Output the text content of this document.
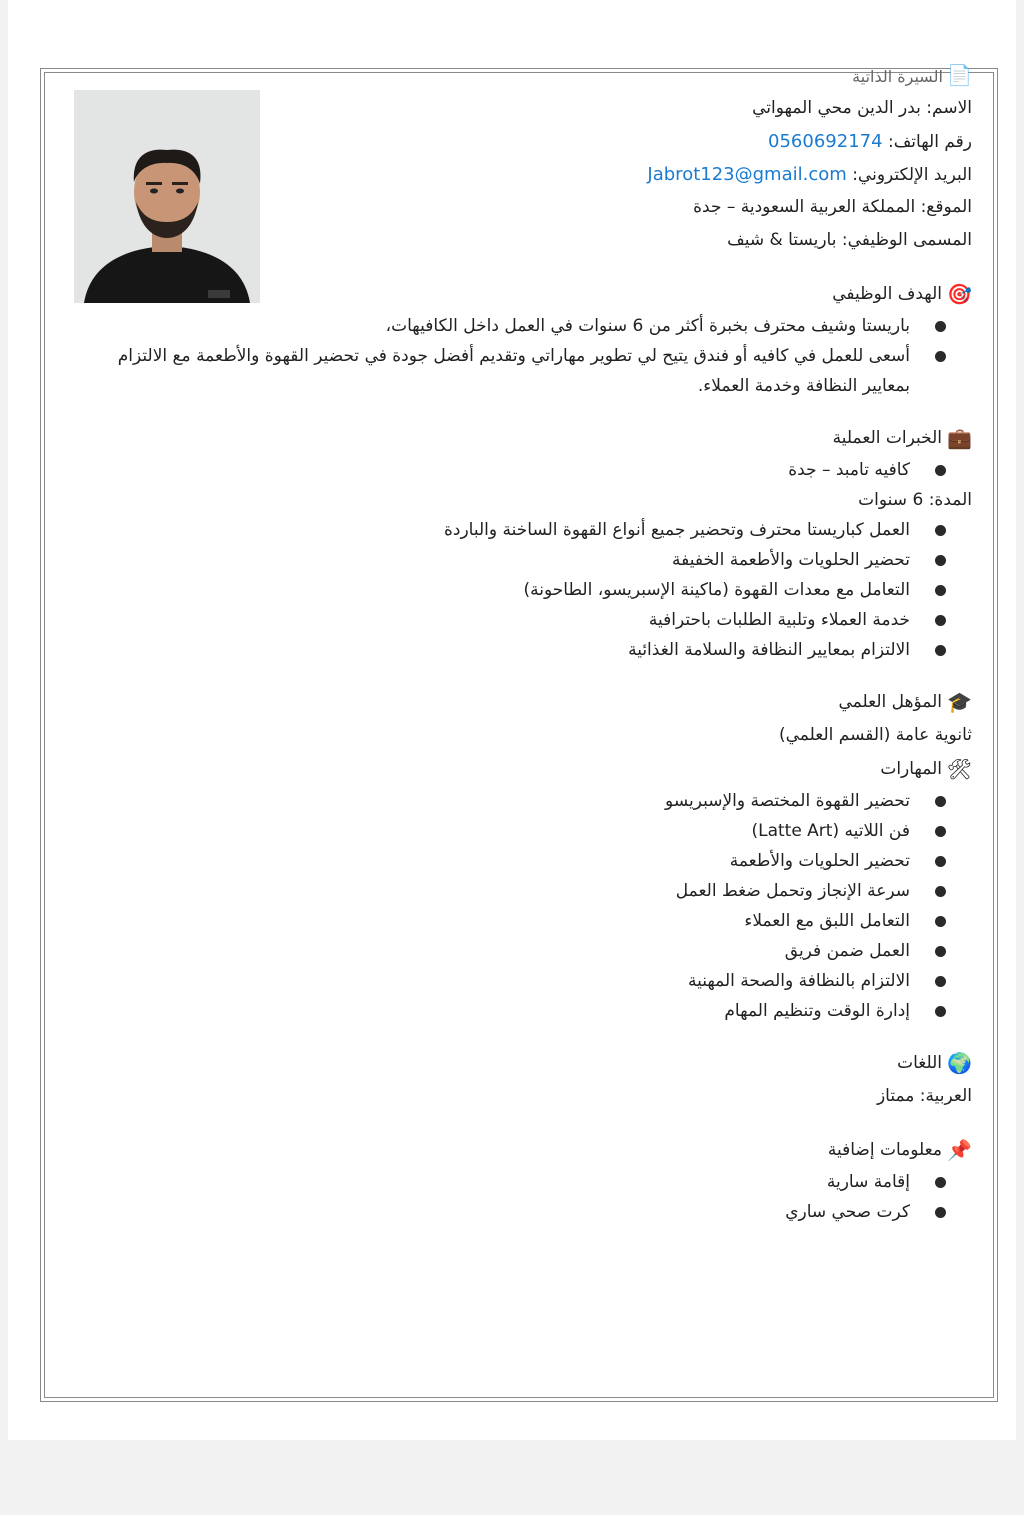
📄 السيرة الذاتية
الاسم: بدر الدين محي المهواتي
رقم الهاتف: 0560692174
البريد الإلكتروني: Jabrot123@gmail.com
الموقع: المملكة العربية السعودية – جدة
المسمى الوظيفي: باريستا & شيف
🎯
الهدف الوظيفي
باريستا وشيف محترف بخبرة أكثر من 6 سنوات في العمل داخل الكافيهات،
أسعى للعمل في كافيه أو فندق يتيح لي تطوير مهاراتي وتقديم أفضل جودة في تحضير القهوة والأطعمة مع الالتزام بمعايير النظافة وخدمة العملاء.
💼
الخبرات العملية
كافيه تامبد – جدة
المدة: 6 سنوات
العمل كباريستا محترف وتحضير جميع أنواع القهوة الساخنة والباردة
تحضير الحلويات والأطعمة الخفيفة
التعامل مع معدات القهوة (ماكينة الإسبريسو، الطاحونة)
خدمة العملاء وتلبية الطلبات باحترافية
الالتزام بمعايير النظافة والسلامة الغذائية
🎓
المؤهل العلمي
ثانوية عامة (القسم العلمي)
🛠
المهارات
تحضير القهوة المختصة والإسبريسو
فن اللاتيه (Latte Art)
تحضير الحلويات والأطعمة
سرعة الإنجاز وتحمل ضغط العمل
التعامل اللبق مع العملاء
العمل ضمن فريق
الالتزام بالنظافة والصحة المهنية
إدارة الوقت وتنظيم المهام
🌍
اللغات
العربية: ممتاز
📌
معلومات إضافية
إقامة سارية
كرت صحي ساري
